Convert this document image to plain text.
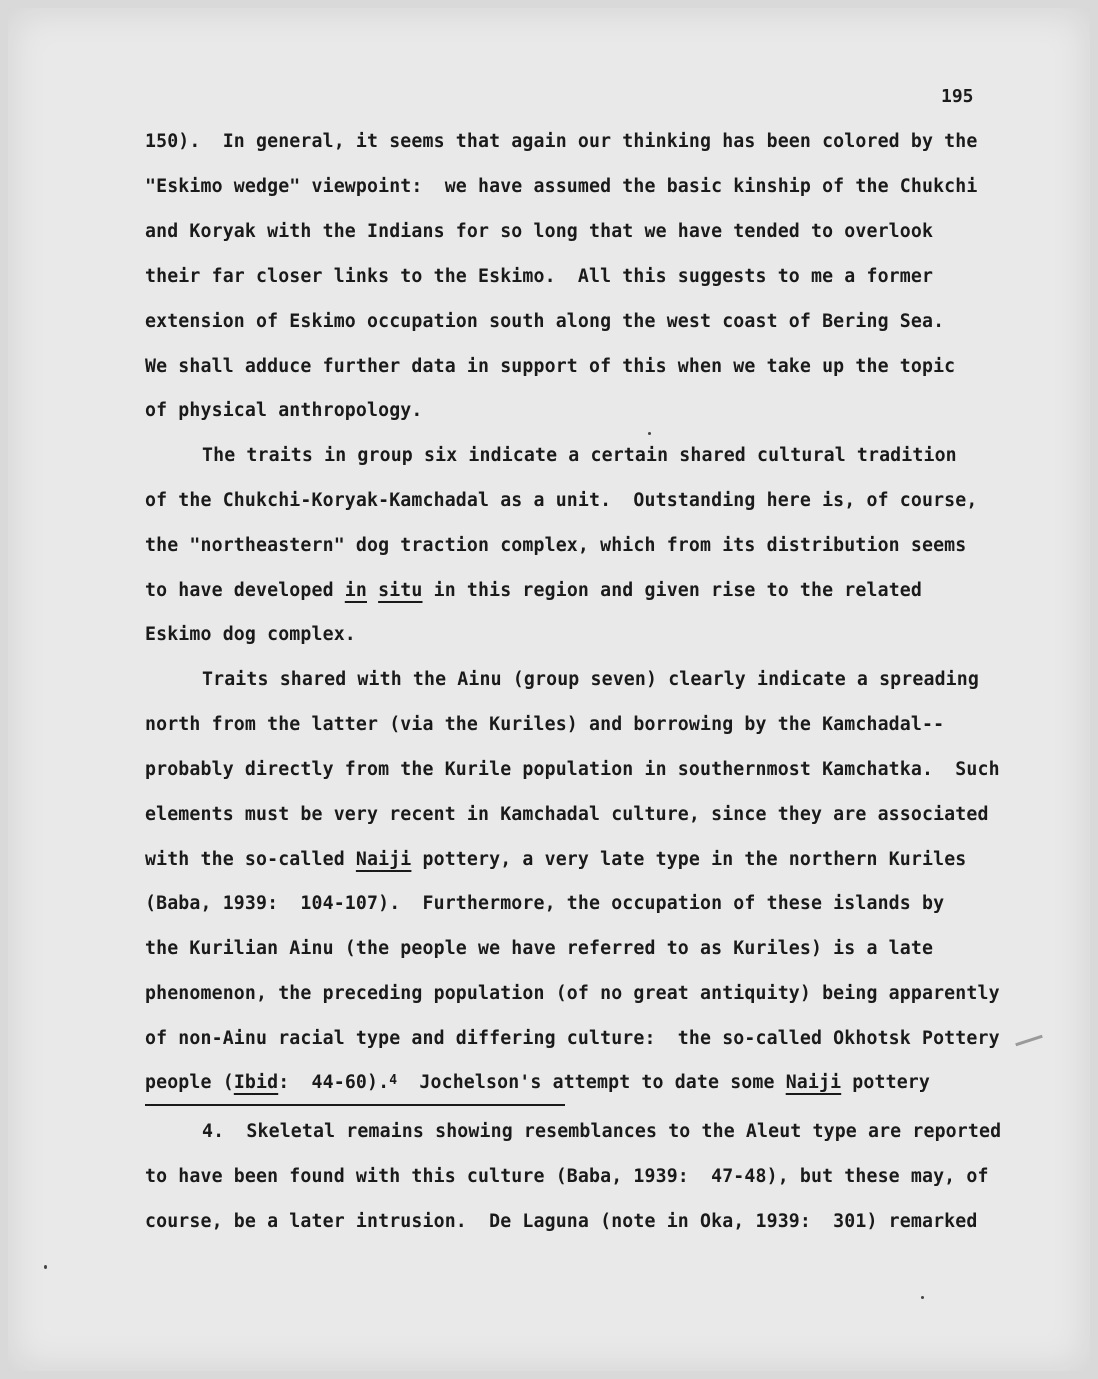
195
150).  In general, it seems that again our thinking has been colored by the
"Eskimo wedge" viewpoint:  we have assumed the basic kinship of the Chukchi
and Koryak with the Indians for so long that we have tended to overlook
their far closer links to the Eskimo.  All this suggests to me a former
extension of Eskimo occupation south along the west coast of Bering Sea.
We shall adduce further data in support of this when we take up the topic
of physical anthropology.
The traits in group six indicate a certain shared cultural tradition
of the Chukchi-Koryak-Kamchadal as a unit.  Outstanding here is, of course,
the "northeastern" dog traction complex, which from its distribution seems
to have developed in situ in this region and given rise to the related
Eskimo dog complex.
Traits shared with the Ainu (group seven) clearly indicate a spreading
north from the latter (via the Kuriles) and borrowing by the Kamchadal--
probably directly from the Kurile population in southernmost Kamchatka.  Such
elements must be very recent in Kamchadal culture, since they are associated
with the so-called Naiji pottery, a very late type in the northern Kuriles
(Baba, 1939:  104-107).  Furthermore, the occupation of these islands by
the Kurilian Ainu (the people we have referred to as Kuriles) is a late
phenomenon, the preceding population (of no great antiquity) being apparently
of non-Ainu racial type and differing culture:  the so-called Okhotsk Pottery
people (Ibid:  44-60).$^4$  Jochelson's attempt to date some Naiji pottery
4.  Skeletal remains showing resemblances to the Aleut type are reported
to have been found with this culture (Baba, 1939:  47-48), but these may, of
course, be a later intrusion.  De Laguna (note in Oka, 1939:  301) remarked
